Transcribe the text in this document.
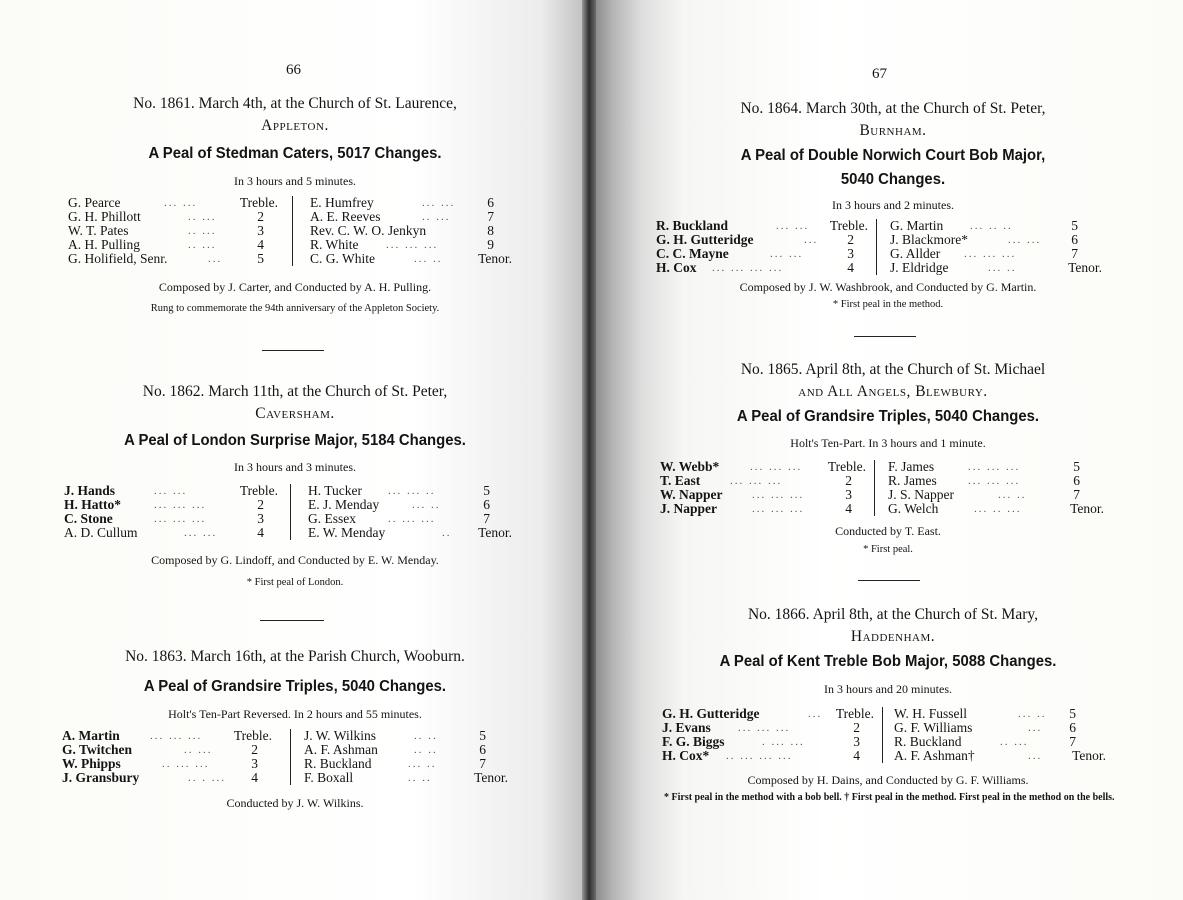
66
No. 1861. March 4th, at the Church of St. Laurence,
Appleton.
A Peal of Stedman Caters, 5017 Changes.
In 3 hours and 5 minutes.
G. Pearce	... ...	Treble.
G. H. Phillott	.. ...	2
W. T. Pates	.. ...	3
A. H. Pulling	.. ...	4
G. Holifield, Senr.	...	5
E. Humfrey	... ... 6
A. E. Reeves	.. ...	7
Rev. C. W. O. Jenkyn	8
R. White	... ... ...	9
C. G. White	... ..	Tenor.
Composed by J. Carter, and Conducted by A. H. Pulling.
Rung to commemorate the 94th anniversary of the Appleton Society.
No. 1862. March 11th, at the Church of St. Peter,
Caversham.
A Peal of London Surprise Major, 5184 Changes.
In 3 hours and 3 minutes.
J. Hands	... ...	Treble.
H. Hatto*	... ... ...	2
C. Stone	... ... ...	3
A. D. Cullum	... ...	4
H. Tucker ... ... ..	5
E. J. Menday	... ..	6
G. Essex	.. ... ...	7
E. W. Menday	.. Tenor.
Composed by G. Lindoff, and Conducted by E. W. Menday.
* First peal of London.
No. 1863. March 16th, at the Parish Church, Wooburn.
A Peal of Grandsire Triples, 5040 Changes.
Holt's Ten-Part Reversed. In 2 hours and 55 minutes.
A. Martin	... ... ... Treble.
G. Twitchen	.. ...	2
W. Phipps	.. ... ...	3
J. Gransbury	.. . ... 4
J. W. Wilkins	.. ..	5
A. F. Ashman	.. ..	6
R. Buckland	... ..	7
F. Boxall	.. ..	Tenor.
Conducted by J. W. Wilkins.
67
No. 1864. March 30th, at the Church of St. Peter,
Burnham.
A Peal of Double Norwich Court Bob Major,
5040 Changes.
In 3 hours and 2 minutes.
R. Buckland	... ... Treble.
G. H. Gutteridge	... 2
C. C. Mayne	... ...	3
H. Cox ... ... ... ...	4
G. Martin ... .. ..	5
J. Blackmore*	... ... 6
G. Allder ... ... ...	7
J. Eldridge	... ..	Tenor.
Composed by J. W. Washbrook, and Conducted by G. Martin.
* First peal in the method.
No. 1865. April 8th, at the Church of St. Michael
and All Angels, Blewbury.
A Peal of Grandsire Triples, 5040 Changes.
Holt's Ten-Part. In 3 hours and 1 minute.
W. Webb*	... ... ... Treble.
T. East	... ... ...	2
W. Napper	... ... ...	3
J. Napper	... ... ...	4
F. James	... ... ...	5
R. James	... ... ...	6
J. S. Napper	... ..	7
G. Welch	... .. ...	Tenor.
Conducted by T. East.
* First peal.
No. 1866. April 8th, at the Church of St. Mary,
Haddenham.
A Peal of Kent Treble Bob Major, 5088 Changes.
In 3 hours and 20 minutes.
G. H. Gutteridge	... Treble.
J. Evans ... ... ...	2
F. G. Biggs	. ... ...	3
H. Cox* .. ... ... ...	4
W. H. Fussell	... .. 5
G. F. Williams	... 6
R. Buckland	.. ...	7
A. F. Ashman†	... Tenor.
Composed by H. Dains, and Conducted by G. F. Williams.
* First peal in the method with a bob bell. † First peal in the method. First peal in the method on the bells.
